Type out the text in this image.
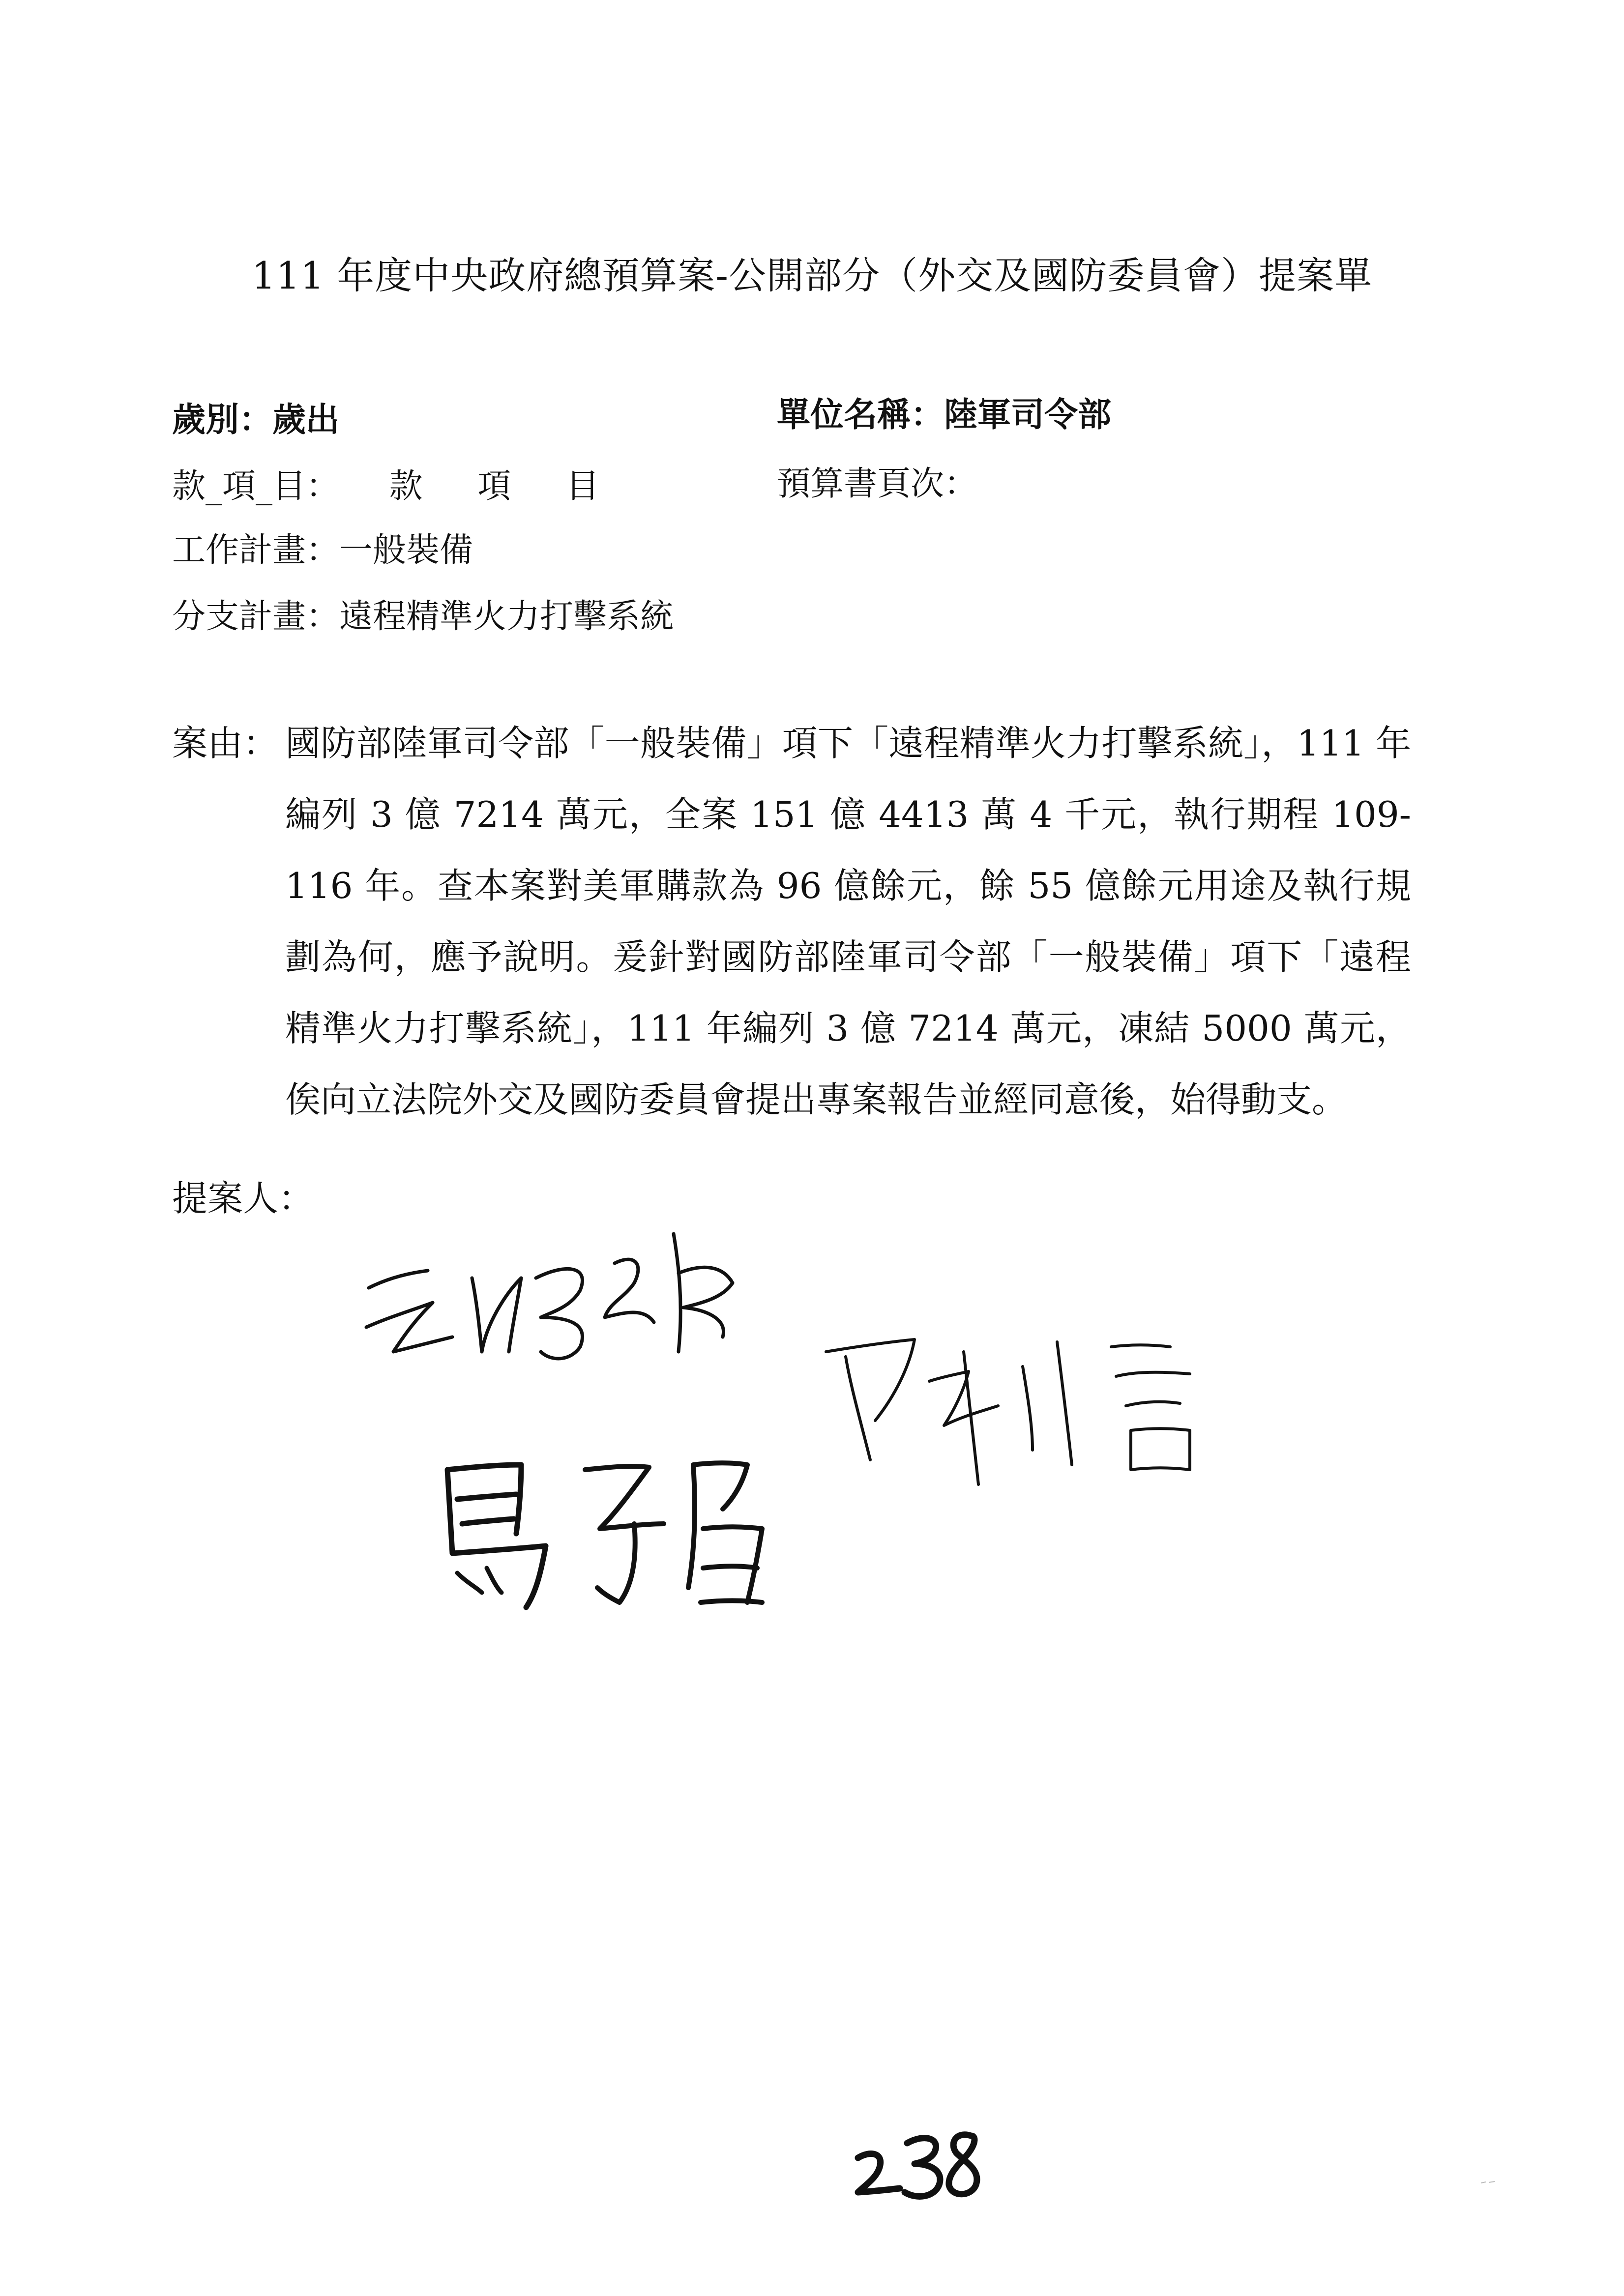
111 年度中央政府總預算案-公開部分（外交及國防委員會）提案單
歲別：歲出	單位名稱：陸軍司令部
款_項_目： 款 項 目	預算書頁次：
工作計畫：一般裝備
分支計畫：遠程精準火力打擊系統
案由： 國防部陸軍司令部「一般裝備」項下「遠程精準火力打擊系統」，111 年編列 3 億 7214 萬元，全案 151 億 4413 萬 4 千元，執行期程 109-116 年。查本案對美軍購款為 96 億餘元，餘 55 億餘元用途及執行規劃為何，應予說明。爰針對國防部陸軍司令部「一般裝備」項下「遠程精準火力打擊系統」，111 年編列 3 億 7214 萬元，凍結 5000 萬元，俟向立法院外交及國防委員會提出專案報告並經同意後，始得動支。
提案人：
